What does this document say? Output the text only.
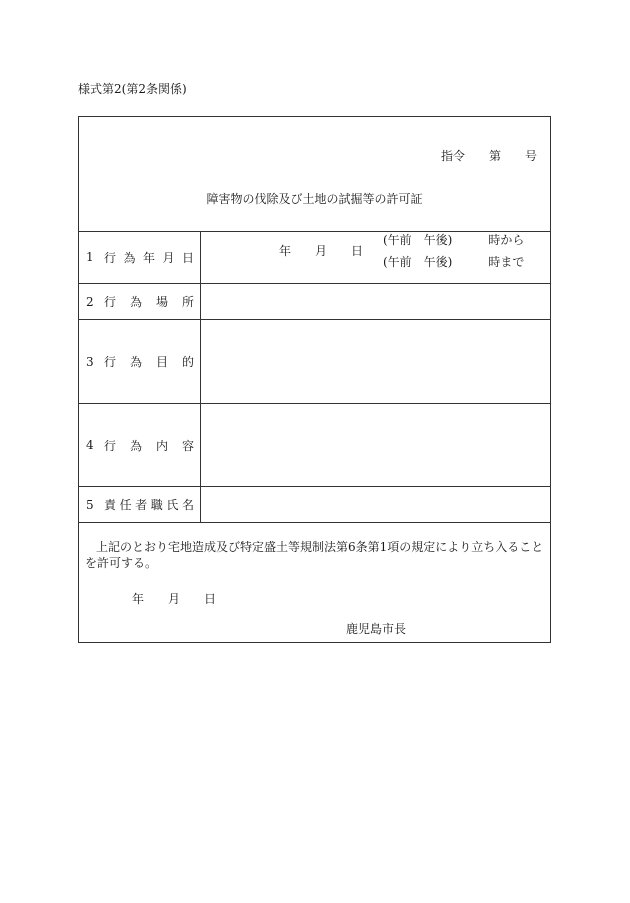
様式第2(第2条関係)
指令　　第　　号
障害物の伐除及び土地の試掘等の許可証
1 行 為 年 月 日	年　　月　　日
(午前　午後)　　　時から
(午前　午後)　　　時まで
2 行 為 場 所
3 行 為 目 的
4 行 為 内 容
5 責 任 者 職 氏 名
上記のとおり宅地造成及び特定盛土等規制法第6条第1項の規定により立ち入ることを許可する。
年　　月　　日
鹿児島市長
